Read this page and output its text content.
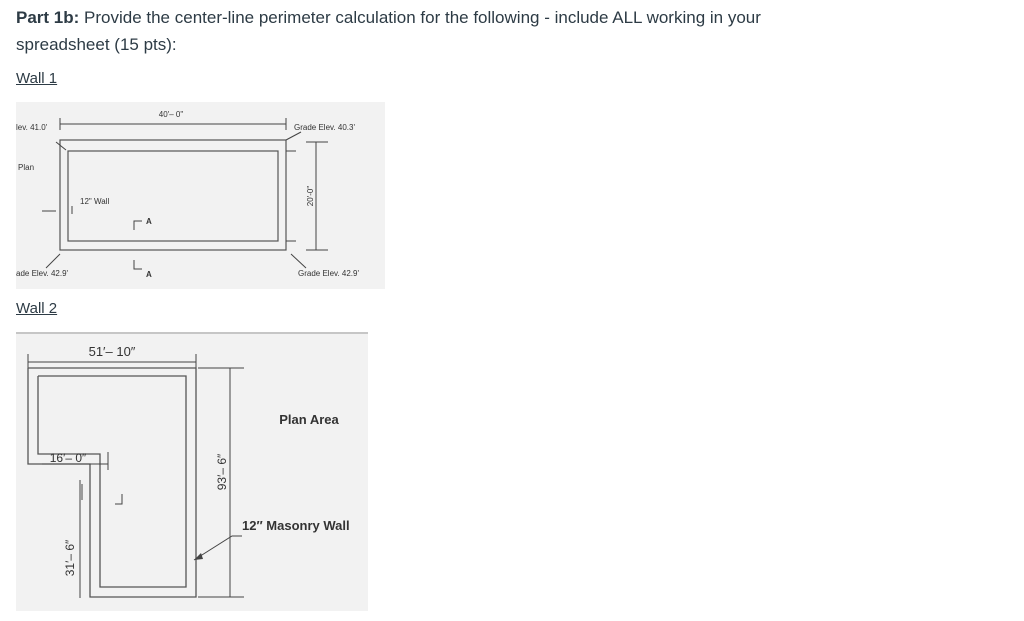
Part 1b: Provide the center-line perimeter calculation for the following - include ALL working in your spreadsheet (15 pts):
Wall 1
40'– 0"
lev. 41.0'	Grade Elev. 40.3'
Plan
20'-0"
12" Wall
A
A
ade Elev. 42.9'	Grade Elev. 42.9'
Wall 2
51′– 10″
16′– 0″
31′– 6″
93′– 6″
Plan Area
12″ Masonry Wall
